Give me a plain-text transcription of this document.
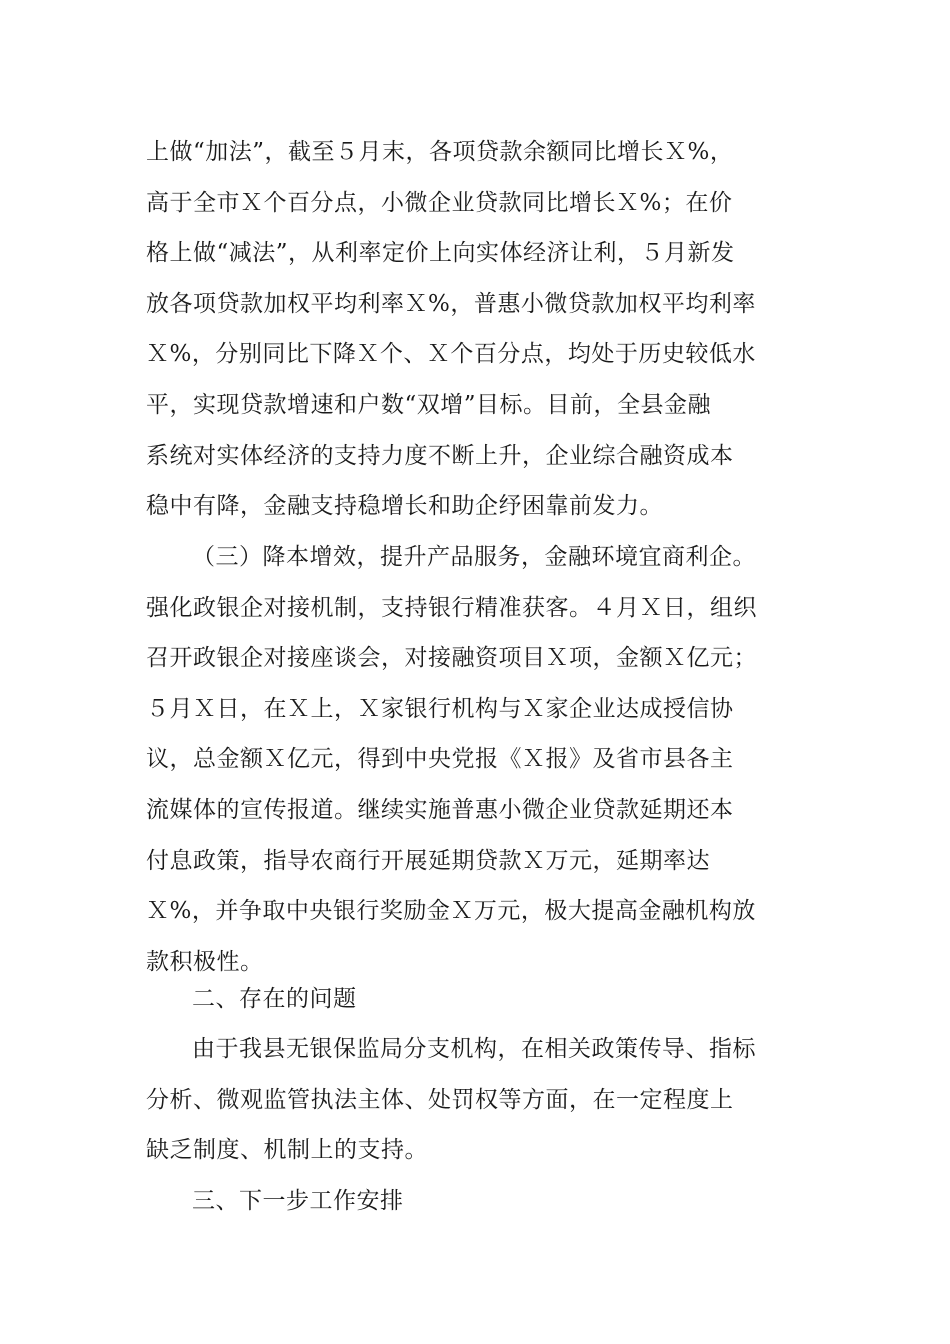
上做“加法”，截至５月末，各项贷款余额同比增长Ｘ%，
高于全市Ｘ个百分点，小微企业贷款同比增长Ｘ%；在价
格上做“减法”，从利率定价上向实体经济让利，５月新发
放各项贷款加权平均利率Ｘ%，普惠小微贷款加权平均利率
Ｘ%，分别同比下降Ｘ个、Ｘ个百分点，均处于历史较低水
平，实现贷款增速和户数“双增”目标。目前，全县金融
系统对实体经济的支持力度不断上升，企业综合融资成本
稳中有降，金融支持稳增长和助企纾困靠前发力。
（三）降本增效，提升产品服务，金融环境宜商利企。
强化政银企对接机制，支持银行精准获客。４月Ｘ日，组织
召开政银企对接座谈会，对接融资项目Ｘ项，金额Ｘ亿元；
５月Ｘ日，在Ｘ上，Ｘ家银行机构与Ｘ家企业达成授信协
议，总金额Ｘ亿元，得到中央党报《Ｘ报》及省市县各主
流媒体的宣传报道。继续实施普惠小微企业贷款延期还本
付息政策，指导农商行开展延期贷款Ｘ万元，延期率达
Ｘ%，并争取中央银行奖励金Ｘ万元，极大提高金融机构放
款积极性。
二、存在的问题
由于我县无银保监局分支机构，在相关政策传导、指标
分析、微观监管执法主体、处罚权等方面，在一定程度上
缺乏制度、机制上的支持。
三、下一步工作安排
